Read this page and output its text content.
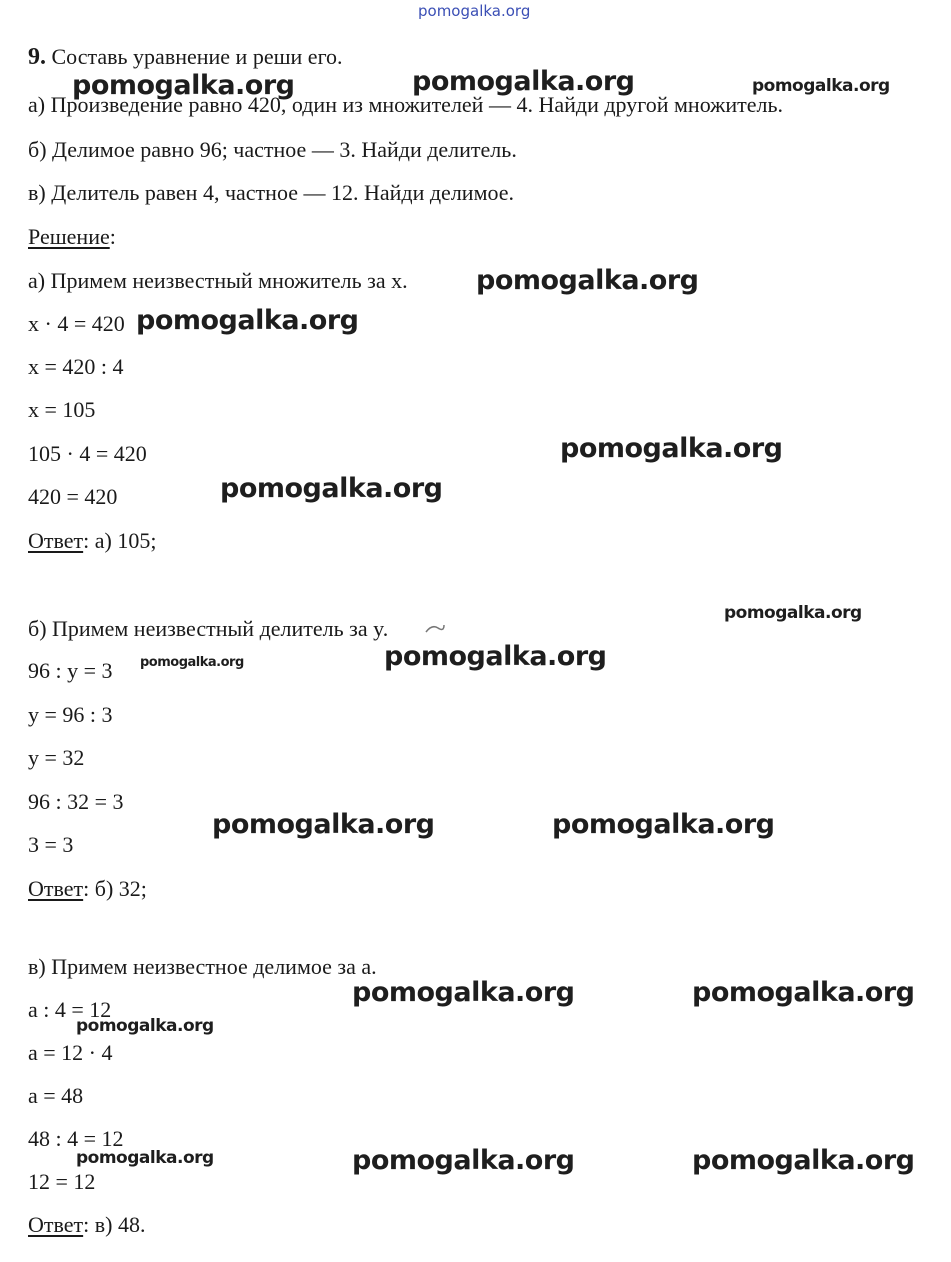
pomogalka.org
9. Составь уравнение и реши его.
а) Произведение равно 420, один из множителей — 4. Найди другой множитель.
б) Делимое равно 96; частное — 3. Найди делитель.
в) Делитель равен 4, частное — 12. Найди делимое.
Решение:
а) Примем неизвестный множитель за x.
x · 4 = 420
x = 420 : 4
x = 105
105 · 4 = 420
420 = 420
Ответ: а) 105;
б) Примем неизвестный делитель за y.
96 : y = 3
y = 96 : 3
y = 32
96 : 32 = 3
3 = 3
Ответ: б) 32;
в) Примем неизвестное делимое за a.
a : 4 = 12
a = 12 · 4
a = 48
48 : 4 = 12
12 = 12
Ответ: в) 48.
pomogalka.org	pomogalka.org	pomogalka.org
pomogalka.org
pomogalka.org
pomogalka.org
pomogalka.org
pomogalka.org
pomogalka.org	pomogalka.org
pomogalka.org	pomogalka.org
pomogalka.org	pomogalka.org
pomogalka.org
pomogalka.org	pomogalka.org	pomogalka.org
